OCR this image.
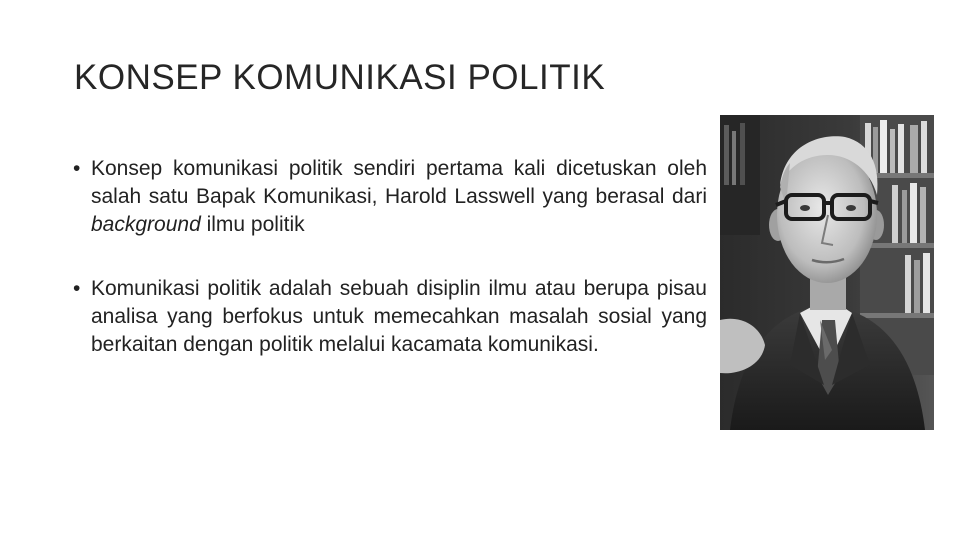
KONSEP KOMUNIKASI POLITIK
• Konsep komunikasi politik sendiri pertama kali dicetuskan oleh salah satu Bapak Komunikasi, Harold Lasswell yang berasal dari background ilmu politik
• Komunikasi politik adalah sebuah disiplin ilmu atau berupa pisau analisa yang berfokus untuk memecahkan masalah sosial yang berkaitan dengan politik melalui kacamata komunikasi.
